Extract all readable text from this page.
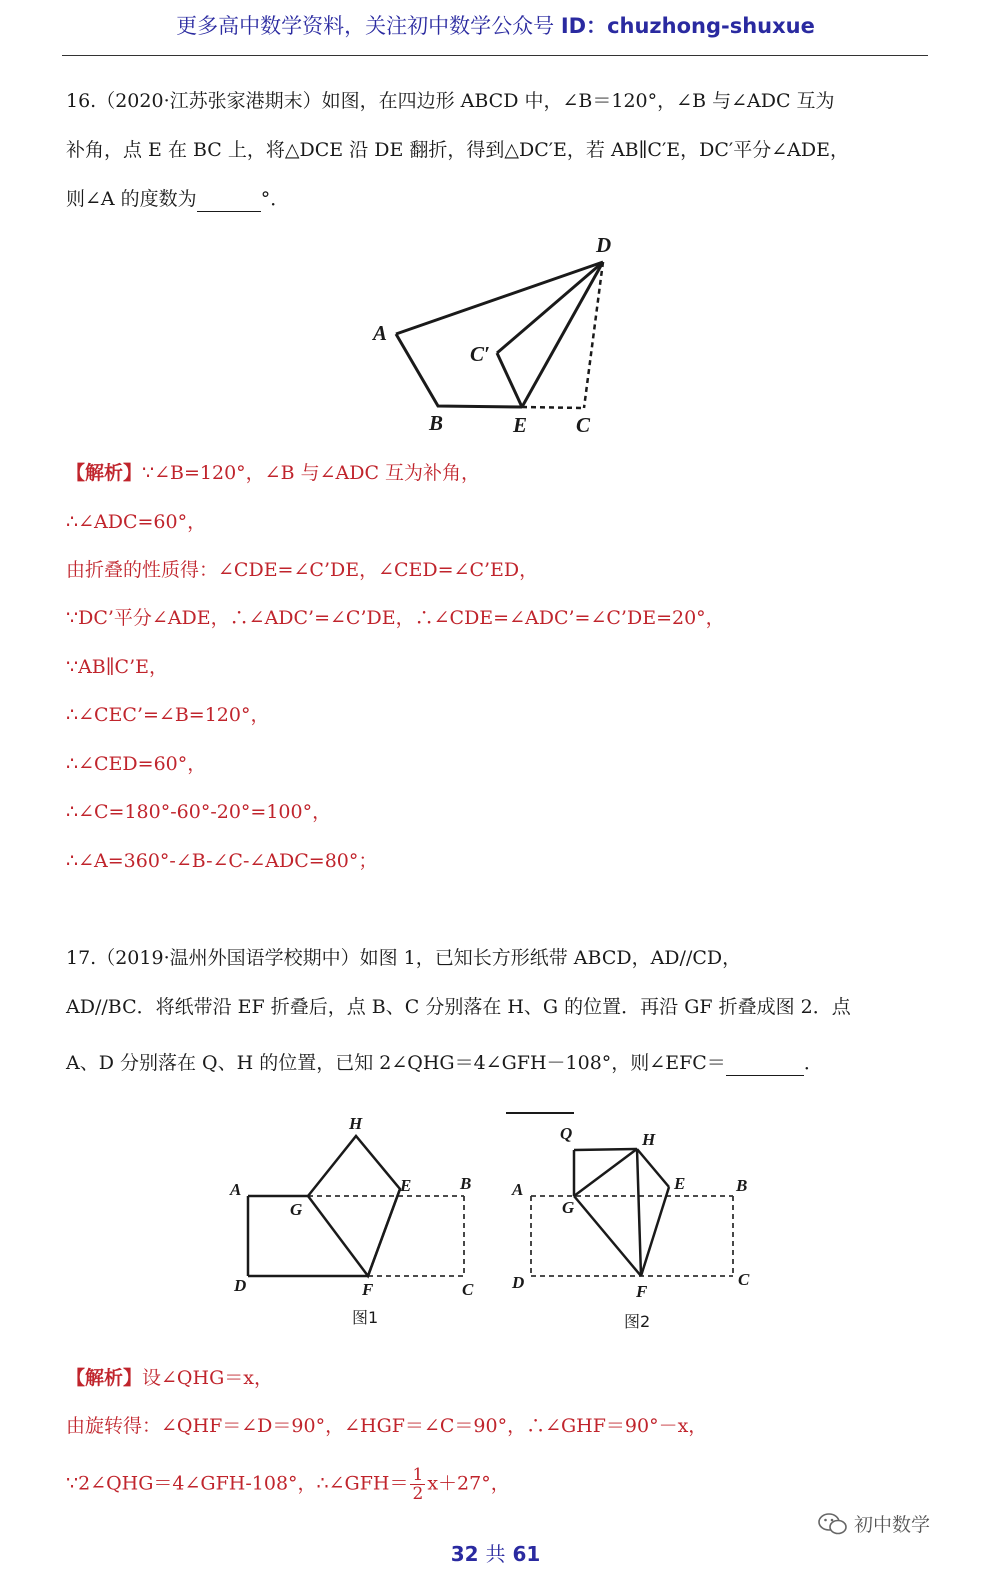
更多高中数学资料，关注初中数学公众号 ID：chuzhong-shuxue
16.（2020·江苏张家港期末）如图，在四边形 ABCD 中，∠B＝120°，∠B 与∠ADC 互为
补角，点 E 在 BC 上，将△DCE 沿 DE 翻折，得到△DC′E，若 AB∥C′E，DC′平分∠ADE，
则∠A 的度数为	°．
D
A
C′
B	E C
【解析】∵∠B=120°，∠B 与∠ADC 互为补角，
∴∠ADC=60°，
由折叠的性质得：∠CDE=∠C’DE，∠CED=∠C’ED，
∵DC’平分∠ADE，∴∠ADC’=∠C’DE，∴∠CDE=∠ADC’=∠C’DE=20°，
∵AB∥C’E，
∴∠CEC’=∠B=120°，
∴∠CED=60°，
∴∠C=180°-60°-20°=100°，
∴∠A=360°-∠B-∠C-∠ADC=80°；
17.（2019·温州外国语学校期中）如图 1，已知长方形纸带 ABCD，AD//CD，
AD//BC．将纸带沿 EF 折叠后，点 B、C 分别落在 H、G 的位置．再沿 GF 折叠成图 2．点
A、D 分别落在 Q、H 的位置，已知 2∠QHG＝4∠GFH－108°，则∠EFC＝	．
H
A
G
E	B
D	F	C
图1
Q	H
A
G
E	B
D	F
C
图2
【解析】设∠QHG＝x，
由旋转得：∠QHF＝∠D＝90°，∠HGF＝∠C＝90°，∴∠GHF＝90°－x，
∵2∠QHG＝4∠GFH-108°，∴∠GFH＝ $\frac{1}{2} x+27^\circ$，
初中数学
32 共 61
